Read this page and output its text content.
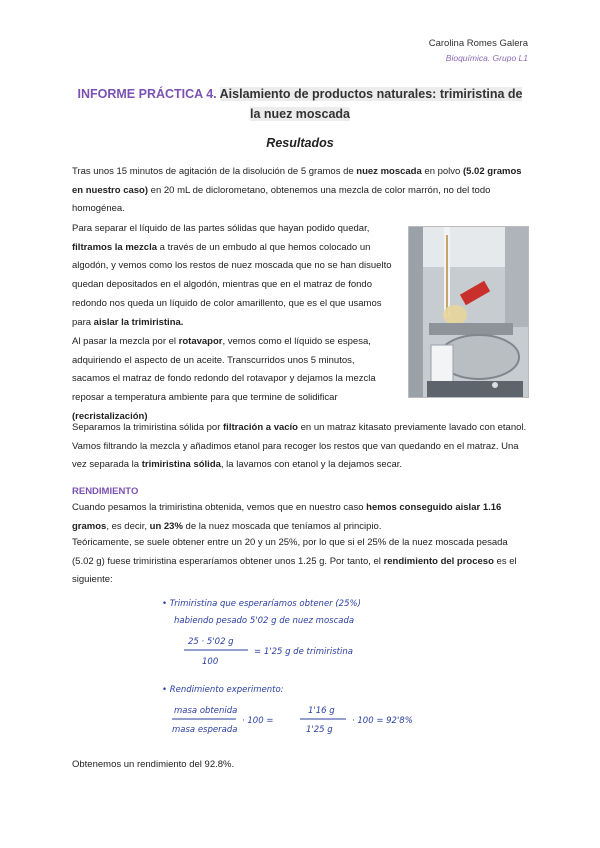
Carolina Romes Galera
Bioquímica. Grupo L1
INFORME PRÁCTICA 4. Aislamiento de productos naturales: trimiristina de la nuez moscada
Resultados
Tras unos 15 minutos de agitación de la disolución de 5 gramos de nuez moscada en polvo (5.02 gramos en nuestro caso) en 20 mL de diclorometano, obtenemos una mezcla de color marrón, no del todo homogénea.
Para separar el líquido de las partes sólidas que hayan podido quedar, filtramos la mezcla a través de un embudo al que hemos colocado un algodón, y vemos como los restos de nuez moscada que no se han disuelto quedan depositados en el algodón, mientras que en el matraz de fondo redondo nos queda un líquido de color amarillento, que es el que usamos para aislar la trimiristina.
Al pasar la mezcla por el rotavapor, vemos como el líquido se espesa, adquiriendo el aspecto de un aceite. Transcurridos unos 5 minutos, sacamos el matraz de fondo redondo del rotavapor y dejamos la mezcla reposar a temperatura ambiente para que termine de solidificar (recristalización)
Separamos la trimiristina sólida por filtración a vacío en un matraz kitasato previamente lavado con etanol. Vamos filtrando la mezcla y añadimos etanol para recoger los restos que van quedando en el matraz. Una vez separada la trimiristina sólida, la lavamos con etanol y la dejamos secar.
RENDIMIENTO
Cuando pesamos la trimiristina obtenida, vemos que en nuestro caso hemos conseguido aislar 1.16 gramos, es decir, un 23% de la nuez moscada que teníamos al principio.
Teóricamente, se suele obtener entre un 20 y un 25%, por lo que si el 25% de la nuez moscada pesada (5.02 g) fuese trimiristina esperaríamos obtener unos 1.25 g. Por tanto, el rendimiento del proceso es el siguiente:
• Trimiristina que esperaríamos obtener (25%)
habiendo pesado 5'02 g de nuez moscada
25 · 5'02 g
100
= 1'25 g de trimiristina
• Rendimiento experimento:
masa obtenida
masa esperada
· 100 =
1'16 g
1'25 g
· 100 = 92'8%
Obtenemos un rendimiento del 92.8%.
